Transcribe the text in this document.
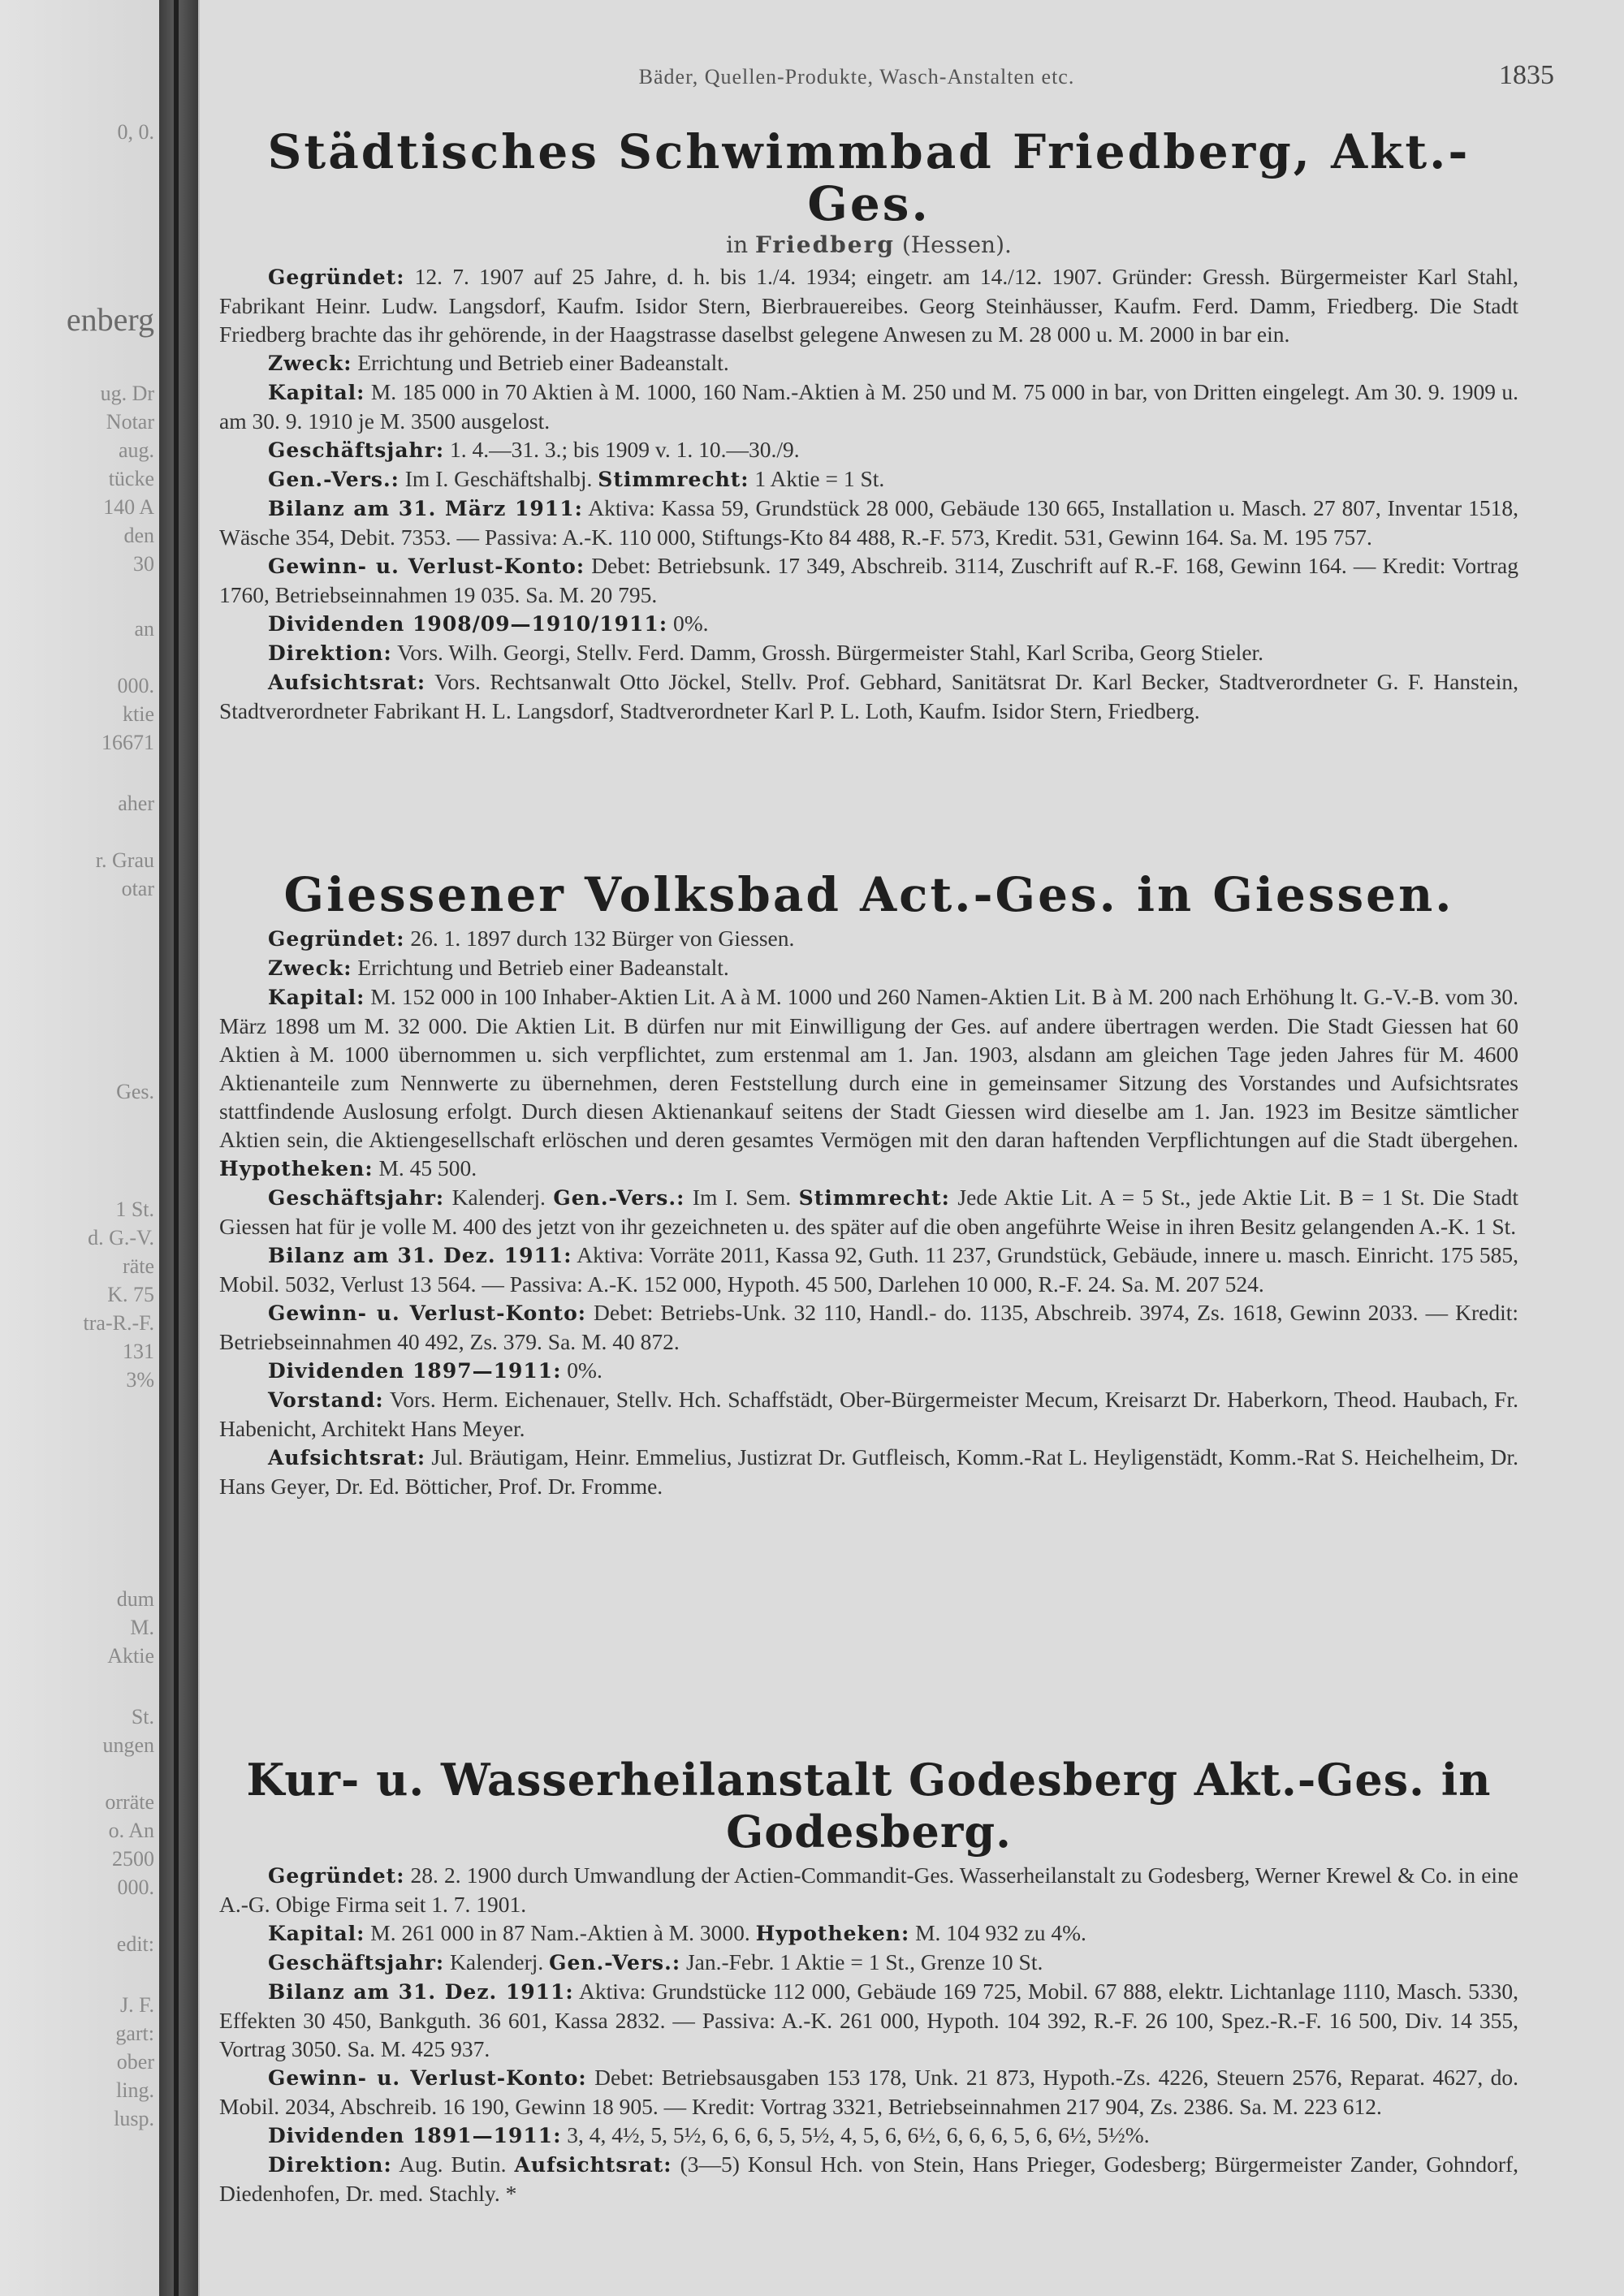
0, 0.
enberg
ug. Dr
Notar
aug.
tücke
140 A
den
30
an
000.
ktie
16671
aher
r. Grau
otar
Ges.
1 St.
d. G.-V.
räte
K. 75
tra-R.-F.
131
3%
dum
M.
Aktie
St.
ungen
orräte
o. An
2500
000.
edit:
J. F.
gart:
ober
ling.
lusp.
Bäder, Quellen-Produkte, Wasch-Anstalten etc.	1835
Städtisches Schwimmbad Friedberg, Akt.-Ges.
in Friedberg (Hessen).

Gegründet: 12. 7. 1907 auf 25 Jahre, d. h. bis 1./4. 1934; eingetr. am 14./12. 1907. Gründer: Gressh. Bürgermeister Karl Stahl, Fabrikant Heinr. Ludw. Langsdorf, Kaufm. Isidor Stern, Bierbrauereibes. Georg Steinhäusser, Kaufm. Ferd. Damm, Friedberg. Die Stadt Friedberg brachte das ihr gehörende, in der Haagstrasse daselbst gelegene Anwesen zu M. 28 000 u. M. 2000 in bar ein.

Zweck: Errichtung und Betrieb einer Badeanstalt.

Kapital: M. 185 000 in 70 Aktien à M. 1000, 160 Nam.-Aktien à M. 250 und M. 75 000 in bar, von Dritten eingelegt. Am 30. 9. 1909 u. am 30. 9. 1910 je M. 3500 ausgelost.

Geschäftsjahr: 1. 4.—31. 3.; bis 1909 v. 1. 10.—30./9.

Gen.-Vers.: Im I. Geschäftshalbj. Stimmrecht: 1 Aktie = 1 St.

Bilanz am 31. März 1911: Aktiva: Kassa 59, Grundstück 28 000, Gebäude 130 665, Installation u. Masch. 27 807, Inventar 1518, Wäsche 354, Debit. 7353. — Passiva: A.-K. 110 000, Stiftungs-Kto 84 488, R.-F. 573, Kredit. 531, Gewinn 164. Sa. M. 195 757.

Gewinn- u. Verlust-Konto: Debet: Betriebsunk. 17 349, Abschreib. 3114, Zuschrift auf R.-F. 168, Gewinn 164. — Kredit: Vortrag 1760, Betriebseinnahmen 19 035. Sa. M. 20 795.

Dividenden 1908/09—1910/1911: 0%.

Direktion: Vors. Wilh. Georgi, Stellv. Ferd. Damm, Grossh. Bürgermeister Stahl, Karl Scriba, Georg Stieler.

Aufsichtsrat: Vors. Rechtsanwalt Otto Jöckel, Stellv. Prof. Gebhard, Sanitätsrat Dr. Karl Becker, Stadtverordneter G. F. Hanstein, Stadtverordneter Fabrikant H. L. Langsdorf, Stadtverordneter Karl P. L. Loth, Kaufm. Isidor Stern, Friedberg.

Giessener Volksbad Act.-Ges. in Giessen.

Gegründet: 26. 1. 1897 durch 132 Bürger von Giessen.

Zweck: Errichtung und Betrieb einer Badeanstalt.

Kapital: M. 152 000 in 100 Inhaber-Aktien Lit. A à M. 1000 und 260 Namen-Aktien Lit. B à M. 200 nach Erhöhung lt. G.-V.-B. vom 30. März 1898 um M. 32 000. Die Aktien Lit. B dürfen nur mit Einwilligung der Ges. auf andere übertragen werden. Die Stadt Giessen hat 60 Aktien à M. 1000 übernommen u. sich verpflichtet, zum erstenmal am 1. Jan. 1903, alsdann am gleichen Tage jeden Jahres für M. 4600 Aktienanteile zum Nennwerte zu übernehmen, deren Feststellung durch eine in gemeinsamer Sitzung des Vorstandes und Aufsichtsrates stattfindende Auslosung erfolgt. Durch diesen Aktienankauf seitens der Stadt Giessen wird dieselbe am 1. Jan. 1923 im Besitze sämtlicher Aktien sein, die Aktiengesellschaft erlöschen und deren gesamtes Vermögen mit den daran haftenden Verpflichtungen auf die Stadt übergehen. Hypotheken: M. 45 500.

Geschäftsjahr: Kalenderj. Gen.-Vers.: Im I. Sem. Stimmrecht: Jede Aktie Lit. A = 5 St., jede Aktie Lit. B = 1 St. Die Stadt Giessen hat für je volle M. 400 des jetzt von ihr gezeichneten u. des später auf die oben angeführte Weise in ihren Besitz gelangenden A.-K. 1 St.

Bilanz am 31. Dez. 1911: Aktiva: Vorräte 2011, Kassa 92, Guth. 11 237, Grundstück, Gebäude, innere u. masch. Einricht. 175 585, Mobil. 5032, Verlust 13 564. — Passiva: A.-K. 152 000, Hypoth. 45 500, Darlehen 10 000, R.-F. 24. Sa. M. 207 524.

Gewinn- u. Verlust-Konto: Debet: Betriebs-Unk. 32 110, Handl.- do. 1135, Abschreib. 3974, Zs. 1618, Gewinn 2033. — Kredit: Betriebseinnahmen 40 492, Zs. 379. Sa. M. 40 872.

Dividenden 1897—1911: 0%.

Vorstand: Vors. Herm. Eichenauer, Stellv. Hch. Schaffstädt, Ober-Bürgermeister Mecum, Kreisarzt Dr. Haberkorn, Theod. Haubach, Fr. Habenicht, Architekt Hans Meyer.

Aufsichtsrat: Jul. Bräutigam, Heinr. Emmelius, Justizrat Dr. Gutfleisch, Komm.-Rat L. Heyligenstädt, Komm.-Rat S. Heichelheim, Dr. Hans Geyer, Dr. Ed. Bötticher, Prof. Dr. Fromme.

Kur- u. Wasserheilanstalt Godesberg Akt.-Ges. in Godesberg.

Gegründet: 28. 2. 1900 durch Umwandlung der Actien-Commandit-Ges. Wasserheilanstalt zu Godesberg, Werner Krewel & Co. in eine A.-G. Obige Firma seit 1. 7. 1901.

Kapital: M. 261 000 in 87 Nam.-Aktien à M. 3000. Hypotheken: M. 104 932 zu 4%.

Geschäftsjahr: Kalenderj. Gen.-Vers.: Jan.-Febr. 1 Aktie = 1 St., Grenze 10 St.

Bilanz am 31. Dez. 1911: Aktiva: Grundstücke 112 000, Gebäude 169 725, Mobil. 67 888, elektr. Lichtanlage 1110, Masch. 5330, Effekten 30 450, Bankguth. 36 601, Kassa 2832. — Passiva: A.-K. 261 000, Hypoth. 104 392, R.-F. 26 100, Spez.-R.-F. 16 500, Div. 14 355, Vortrag 3050. Sa. M. 425 937.

Gewinn- u. Verlust-Konto: Debet: Betriebsausgaben 153 178, Unk. 21 873, Hypoth.-Zs. 4226, Steuern 2576, Reparat. 4627, do. Mobil. 2034, Abschreib. 16 190, Gewinn 18 905. — Kredit: Vortrag 3321, Betriebseinnahmen 217 904, Zs. 2386. Sa. M. 223 612.

Dividenden 1891—1911: 3, 4, 4½, 5, 5½, 6, 6, 6, 5, 5½, 4, 5, 6, 6½, 6, 6, 6, 5, 6, 6½, 5½%.

Direktion: Aug. Butin. Aufsichtsrat: (3—5) Konsul Hch. von Stein, Hans Prieger, Godesberg; Bürgermeister Zander, Gohndorf, Diedenhofen, Dr. med. Stachly. *
